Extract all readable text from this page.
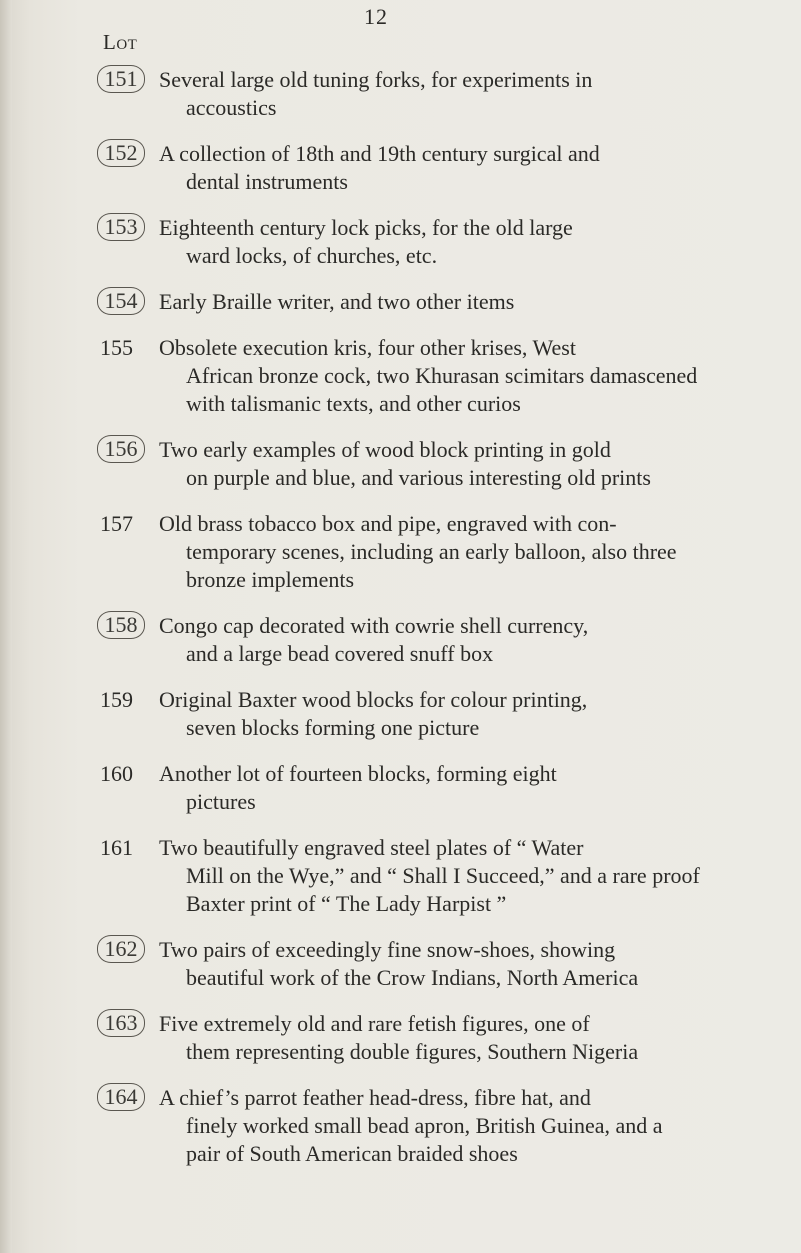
12
Lot
151 Several large old tuning forks, for experiments in
accoustics
152 A collection of 18th and 19th century surgical and
dental instruments
153 Eighteenth century lock picks, for the old large
ward locks, of churches, etc.
154 Early Braille writer, and two other items
155	Obsolete execution kris, four other krises, West
African bronze cock, two Khurasan scimitars damascened with talismanic texts, and other curios
156 Two early examples of wood block printing in gold
on purple and blue, and various interesting old prints
157	Old brass tobacco box and pipe, engraved with con-
temporary scenes, including an early balloon, also three bronze implements
158 Congo cap decorated with cowrie shell currency,
and a large bead covered snuff box
159	Original Baxter wood blocks for colour printing,
seven blocks forming one picture
160	Another lot of fourteen blocks, forming eight
pictures
161	Two beautifully engraved steel plates of “ Water
Mill on the Wye,” and “ Shall I Succeed,” and a rare proof Baxter print of “ The Lady Harpist ”
162 Two pairs of exceedingly fine snow-shoes, showing
beautiful work of the Crow Indians, North America
163 Five extremely old and rare fetish figures, one of
them representing double figures, Southern Nigeria
164 A chief’s parrot feather head-dress, fibre hat, and
finely worked small bead apron, British Guinea, and a pair of South American braided shoes
